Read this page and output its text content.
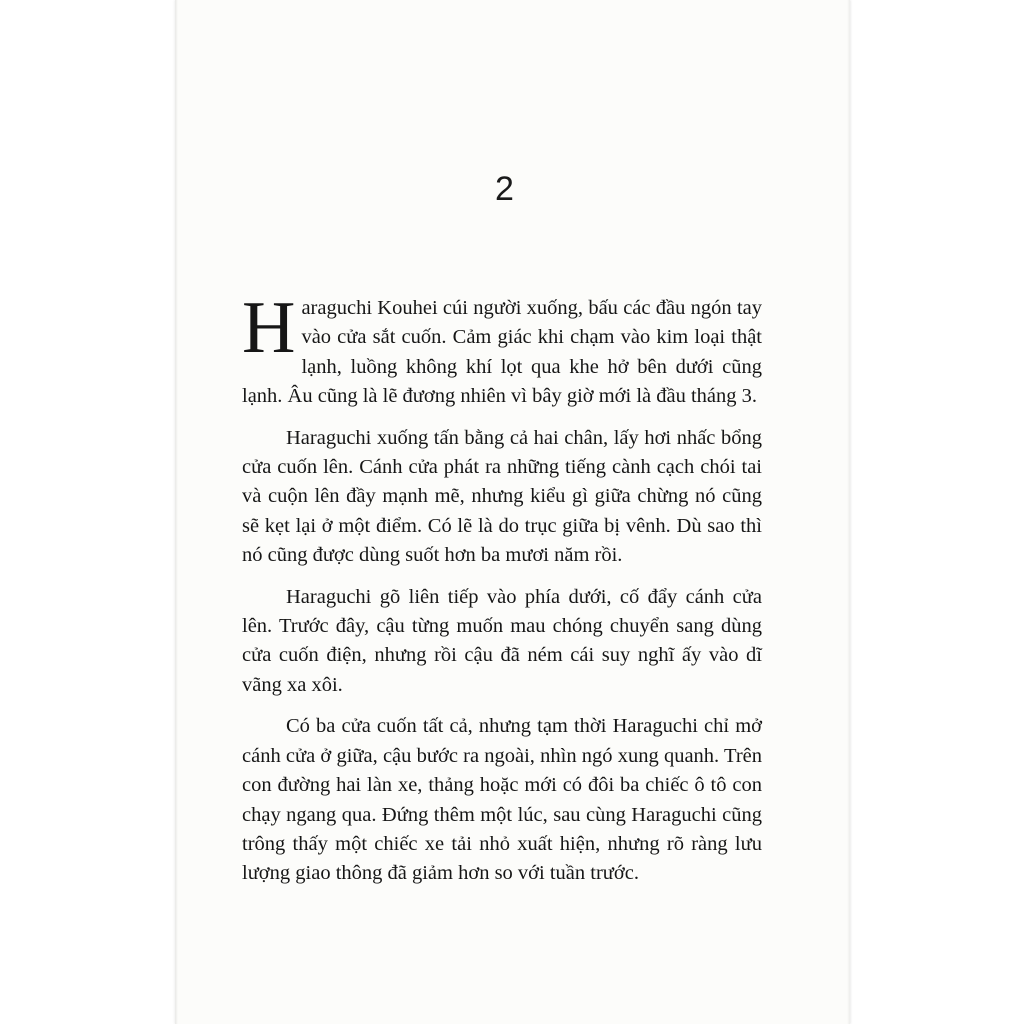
2

Haraguchi Kouhei cúi người xuống, bấu các đầu ngón tay vào cửa sắt cuốn. Cảm giác khi chạm vào kim loại thật lạnh, luồng không khí lọt qua khe hở bên dưới cũng lạnh. Âu cũng là lẽ đương nhiên vì bây giờ mới là đầu tháng 3.

Haraguchi xuống tấn bằng cả hai chân, lấy hơi nhấc bổng cửa cuốn lên. Cánh cửa phát ra những tiếng cành cạch chói tai và cuộn lên đầy mạnh mẽ, nhưng kiểu gì giữa chừng nó cũng sẽ kẹt lại ở một điểm. Có lẽ là do trục giữa bị vênh. Dù sao thì nó cũng được dùng suốt hơn ba mươi năm rồi.

Haraguchi gõ liên tiếp vào phía dưới, cố đẩy cánh cửa lên. Trước đây, cậu từng muốn mau chóng chuyển sang dùng cửa cuốn điện, nhưng rồi cậu đã ném cái suy nghĩ ấy vào dĩ vãng xa xôi.

Có ba cửa cuốn tất cả, nhưng tạm thời Haraguchi chỉ mở cánh cửa ở giữa, cậu bước ra ngoài, nhìn ngó xung quanh. Trên con đường hai làn xe, thảng hoặc mới có đôi ba chiếc ô tô con chạy ngang qua. Đứng thêm một lúc, sau cùng Haraguchi cũng trông thấy một chiếc xe tải nhỏ xuất hiện, nhưng rõ ràng lưu lượng giao thông đã giảm hơn so với tuần trước.
